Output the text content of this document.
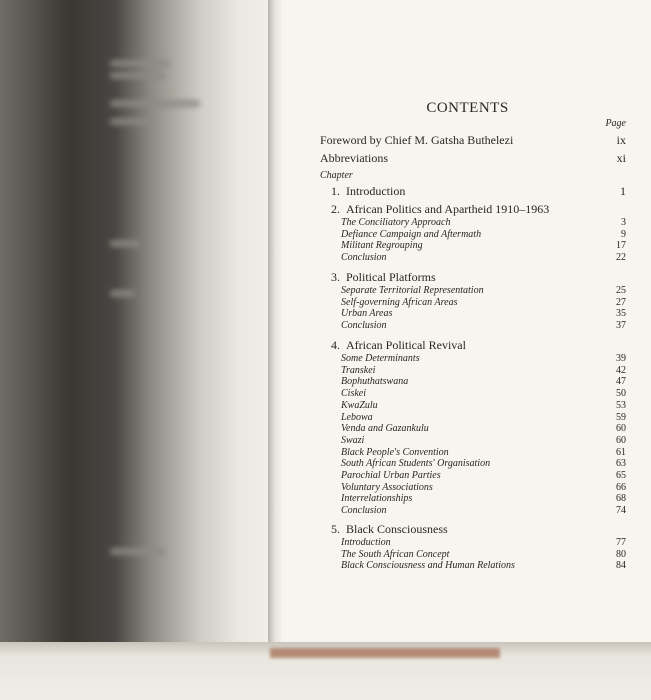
CONTENTS
Page
Chapter
Foreword by Chief M. Gatsha Buthelezi	ix
Abbreviations	xi
1. Introduction	1
2. African Politics and Apartheid 1910–1963
The Conciliatory Approach	3
Defiance Campaign and Aftermath	9
Militant Regrouping	17
Conclusion	22
3. Political Platforms
Separate Territorial Representation	25
Self-governing African Areas	27
Urban Areas	35
Conclusion	37
4. African Political Revival
Some Determinants	39
Transkei	42
Bophuthatswana	47
Ciskei	50
KwaZulu	53
Lebowa	59
Venda and Gazankulu	60
Swazi	60
Black People's Convention	61
South African Students' Organisation	63
Parochial Urban Parties	65
Voluntary Associations	66
Interrelationships	68
Conclusion	74
5. Black Consciousness
Introduction	77
The South African Concept	80
Black Consciousness and Human Relations	84
